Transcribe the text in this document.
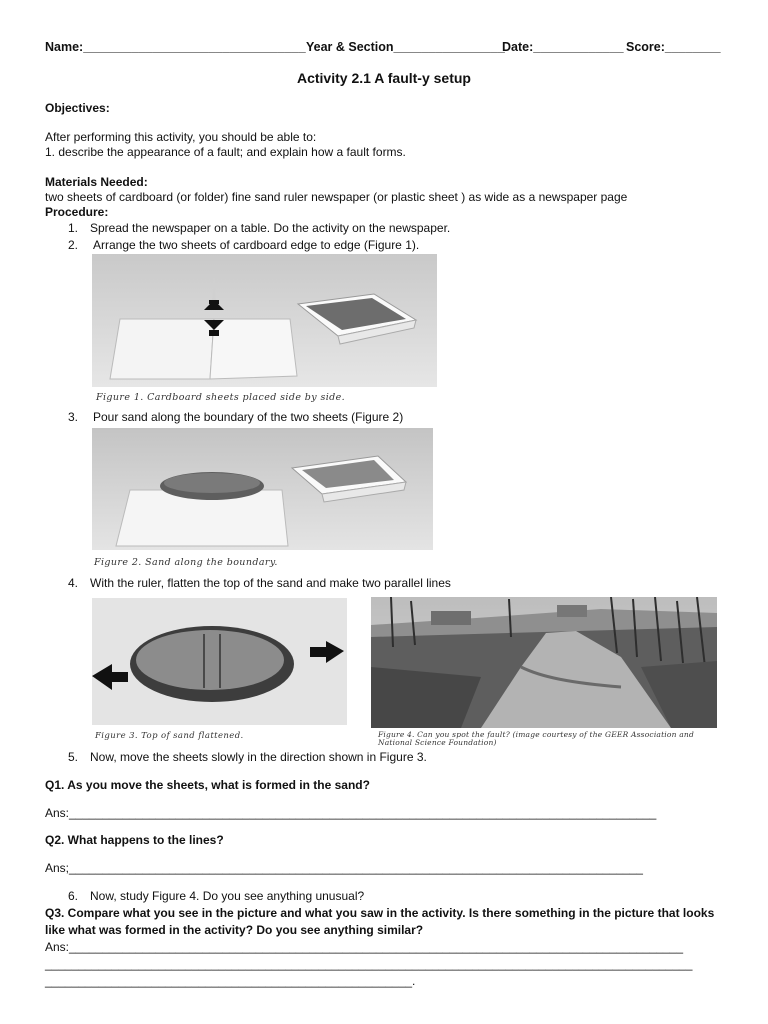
Name:________________________________ Year & Section________________
Date:_____________ Score:________
Activity 2.1 A fault-y setup
Objectives:
After performing this activity, you should be able to:
1. describe the appearance of a fault; and explain how a fault forms.
Materials Needed:
two sheets of cardboard (or folder) fine sand ruler newspaper (or plastic sheet ) as wide as a newspaper page
Procedure:
1. Spread the newspaper on a table. Do the activity on the newspaper.
2. Arrange the two sheets of cardboard edge to edge (Figure 1).
Figure 1. Cardboard sheets placed side by side.
3. Pour sand along the boundary of the two sheets (Figure 2)
Figure 2. Sand along the boundary.
4. With the ruler, flatten the top of the sand and make two parallel lines
Figure 3. Top of sand flattened.	Figure 4. Can you spot the fault? (image courtesy of the GEER Association and National Science Foundation)
5. Now, move the sheets slowly in the direction shown in Figure 3.
Q1. As you move the sheets, what is formed in the sand?
Ans:________________________________________________________________________________________
Q2. What happens to the lines?
Ans;______________________________________________________________________________________
6. Now, study Figure 4. Do you see anything unusual?
Q3. Compare what you see in the picture and what you saw in the activity. Is there something in the picture that looks
like what was formed in the activity? Do you see anything similar?
Ans:____________________________________________________________________________________________
_________________________________________________________________________________________________
_______________________________________________________.
